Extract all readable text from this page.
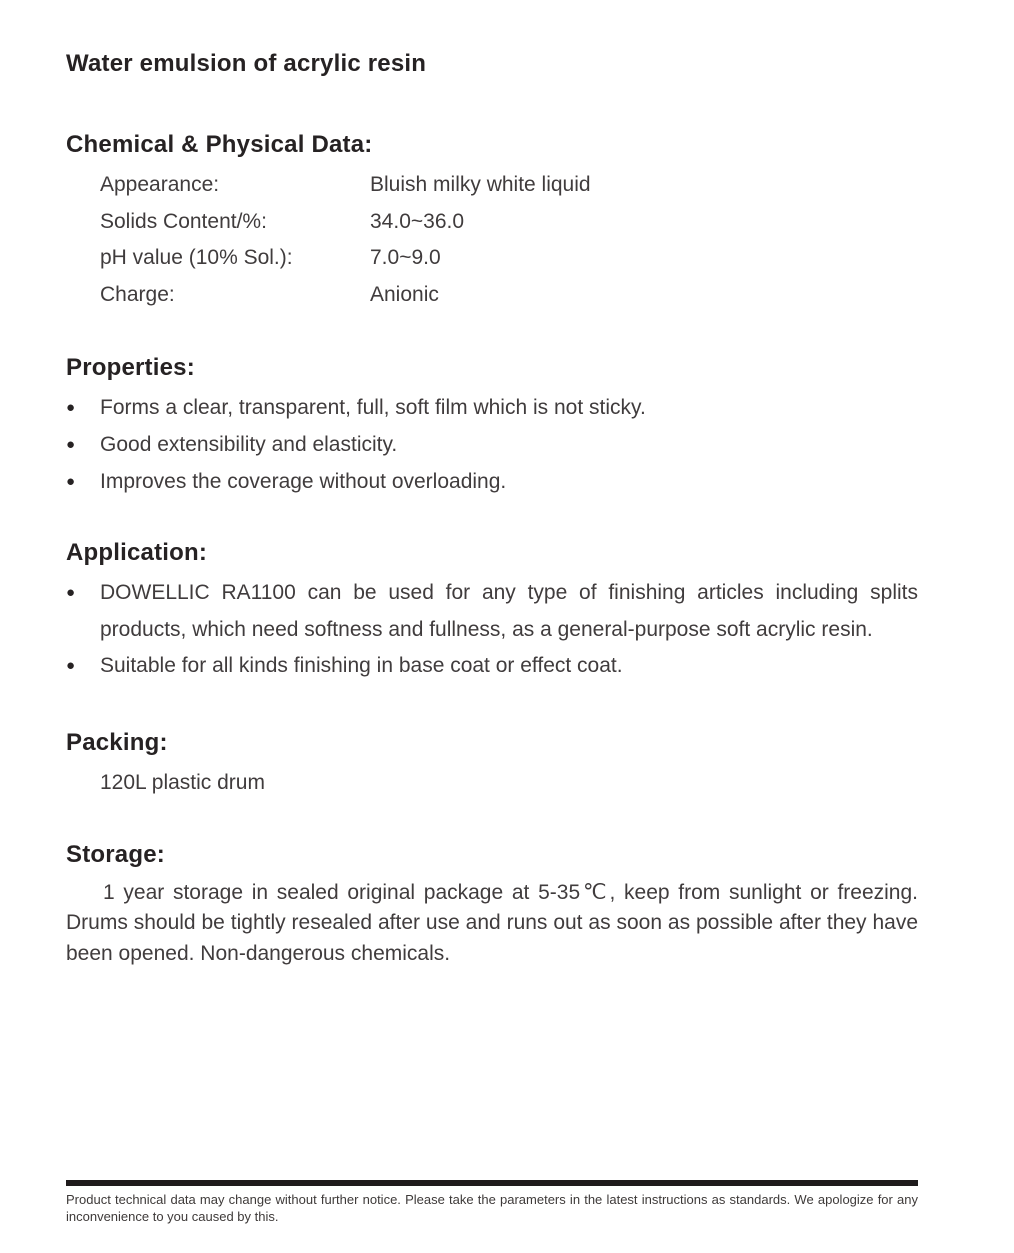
Water emulsion of acrylic resin
Chemical & Physical Data:
Appearance:	Bluish milky white liquid
Solids Content/%:	34.0~36.0
pH value (10% Sol.):	7.0~9.0
Charge:	Anionic
Properties:
●	Forms a clear, transparent, full, soft film which is not sticky.

●	Good extensibility and elasticity.

●	Improves the coverage without overloading.

Application:
●	DOWELLIC RA1100 can be used for any type of finishing articles including splits products, which need softness and fullness, as a general-purpose soft acrylic resin.

●	Suitable for all kinds finishing in base coat or effect coat.

Packing:

120L plastic drum

Storage:

1 year storage in sealed original package at 5-35℃, keep from sunlight or freezing. Drums should be tightly resealed after use and runs out as soon as possible after they have been opened. Non-dangerous chemicals.

Product technical data may change without further notice. Please take the parameters in the latest instructions as standards. We apologize for any inconvenience to you caused by this.
